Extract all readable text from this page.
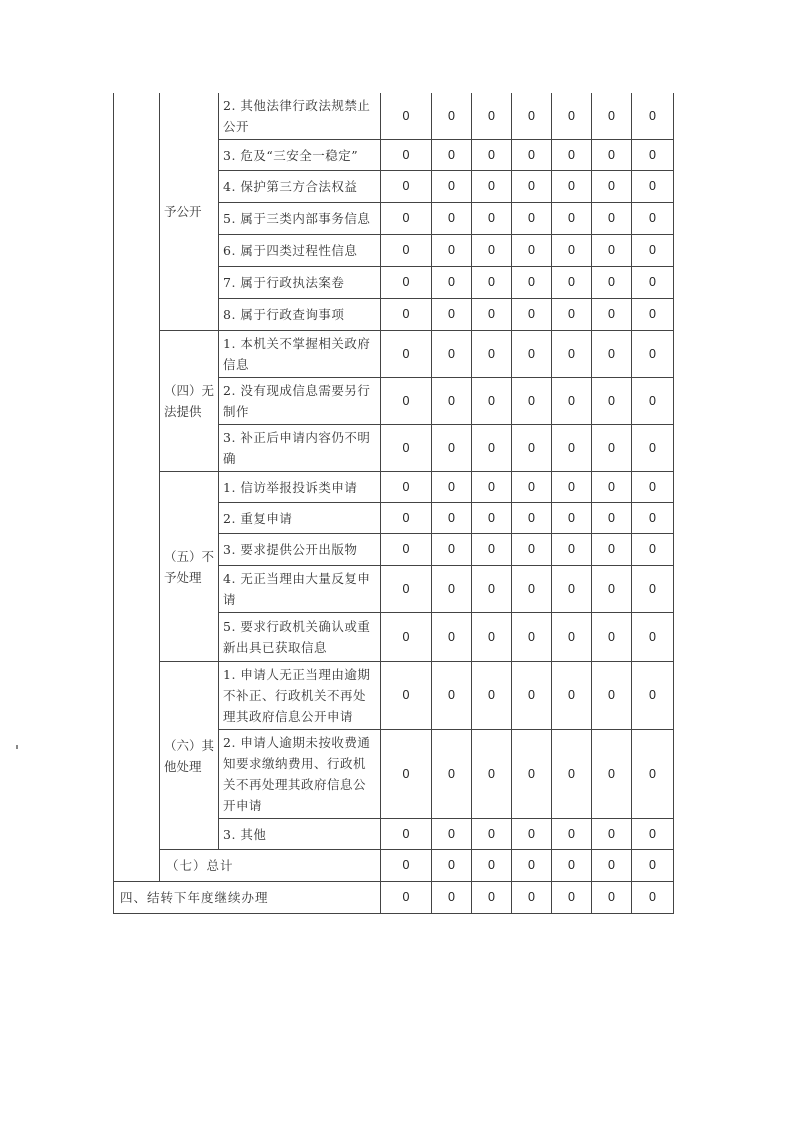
	予公开	2. 其他法律行政法规禁止公开	0	0	0	0	0	0	0
		3. 危及“三安全一稳定”	0	0	0	0	0	0	0
		4. 保护第三方合法权益	0	0	0	0	0	0	0
		5. 属于三类内部事务信息	0	0	0	0	0	0	0
		6. 属于四类过程性信息	0	0	0	0	0	0	0
		7. 属于行政执法案卷	0	0	0	0	0	0	0
		8. 属于行政查询事项	0	0	0	0	0	0	0
	（四）无法提供	1. 本机关不掌握相关政府信息	0	0	0	0	0	0	0
		2. 没有现成信息需要另行制作	0	0	0	0	0	0	0
		3. 补正后申请内容仍不明确	0	0	0	0	0	0	0
	（五）不予处理	1. 信访举报投诉类申请	0	0	0	0	0	0	0
		2. 重复申请	0	0	0	0	0	0	0
		3. 要求提供公开出版物	0	0	0	0	0	0	0
		4. 无正当理由大量反复申请	0	0	0	0	0	0	0
		5. 要求行政机关确认或重新出具已获取信息	0	0	0	0	0	0	0
	（六）其他处理	1. 申请人无正当理由逾期不补正、行政机关不再处理其政府信息公开申请	0	0	0	0	0	0	0
		2. 申请人逾期未按收费通知要求缴纳费用、行政机关不再处理其政府信息公开申请	0	0	0	0	0	0	0
		3. 其他	0	0	0	0	0	0	0
	（七）总计		0	0	0	0	0	0	0
四、结转下年度继续办理			0	0	0	0	0	0	0
